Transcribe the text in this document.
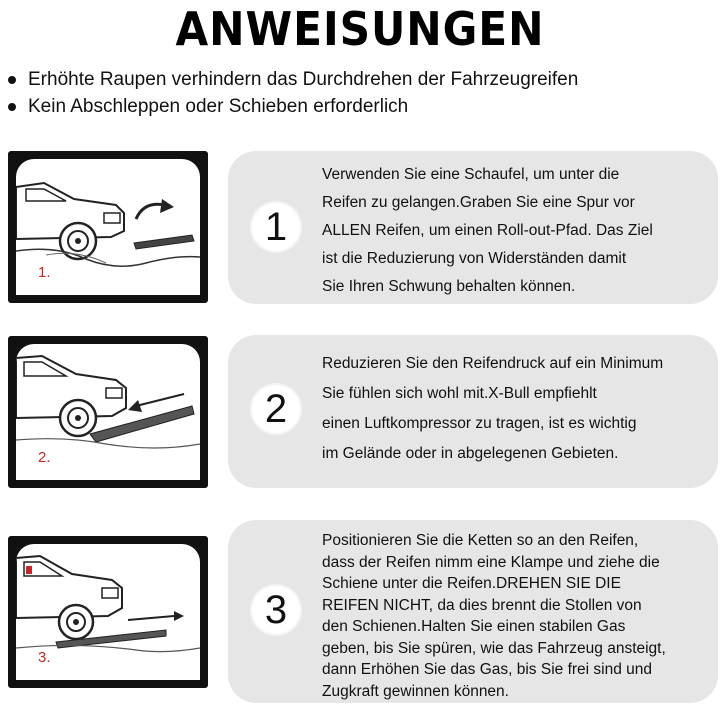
ANWEISUNGEN
Erhöhte Raupen verhindern das Durchdrehen der Fahrzeugreifen
Kein Abschleppen oder Schieben erforderlich
1.
1
Verwenden Sie eine Schaufel, um unter die
Reifen zu gelangen.Graben Sie eine Spur vor
ALLEN Reifen, um einen Roll-out-Pfad. Das Ziel
ist die Reduzierung von Widerständen damit
Sie Ihren Schwung behalten können.
2.
2
Reduzieren Sie den Reifendruck auf ein Minimum
Sie fühlen sich wohl mit.X-Bull empfiehlt
einen Luftkompressor zu tragen, ist es wichtig
im Gelände oder in abgelegenen Gebieten.
3.
3
Positionieren Sie die Ketten so an den Reifen,
dass der Reifen nimm eine Klampe und ziehe die
Schiene unter die Reifen.DREHEN SIE DIE
REIFEN NICHT, da dies brennt die Stollen von
den Schienen.Halten Sie einen stabilen Gas
geben, bis Sie spüren, wie das Fahrzeug ansteigt,
dann Erhöhen Sie das Gas, bis Sie frei sind und
Zugkraft gewinnen können.
